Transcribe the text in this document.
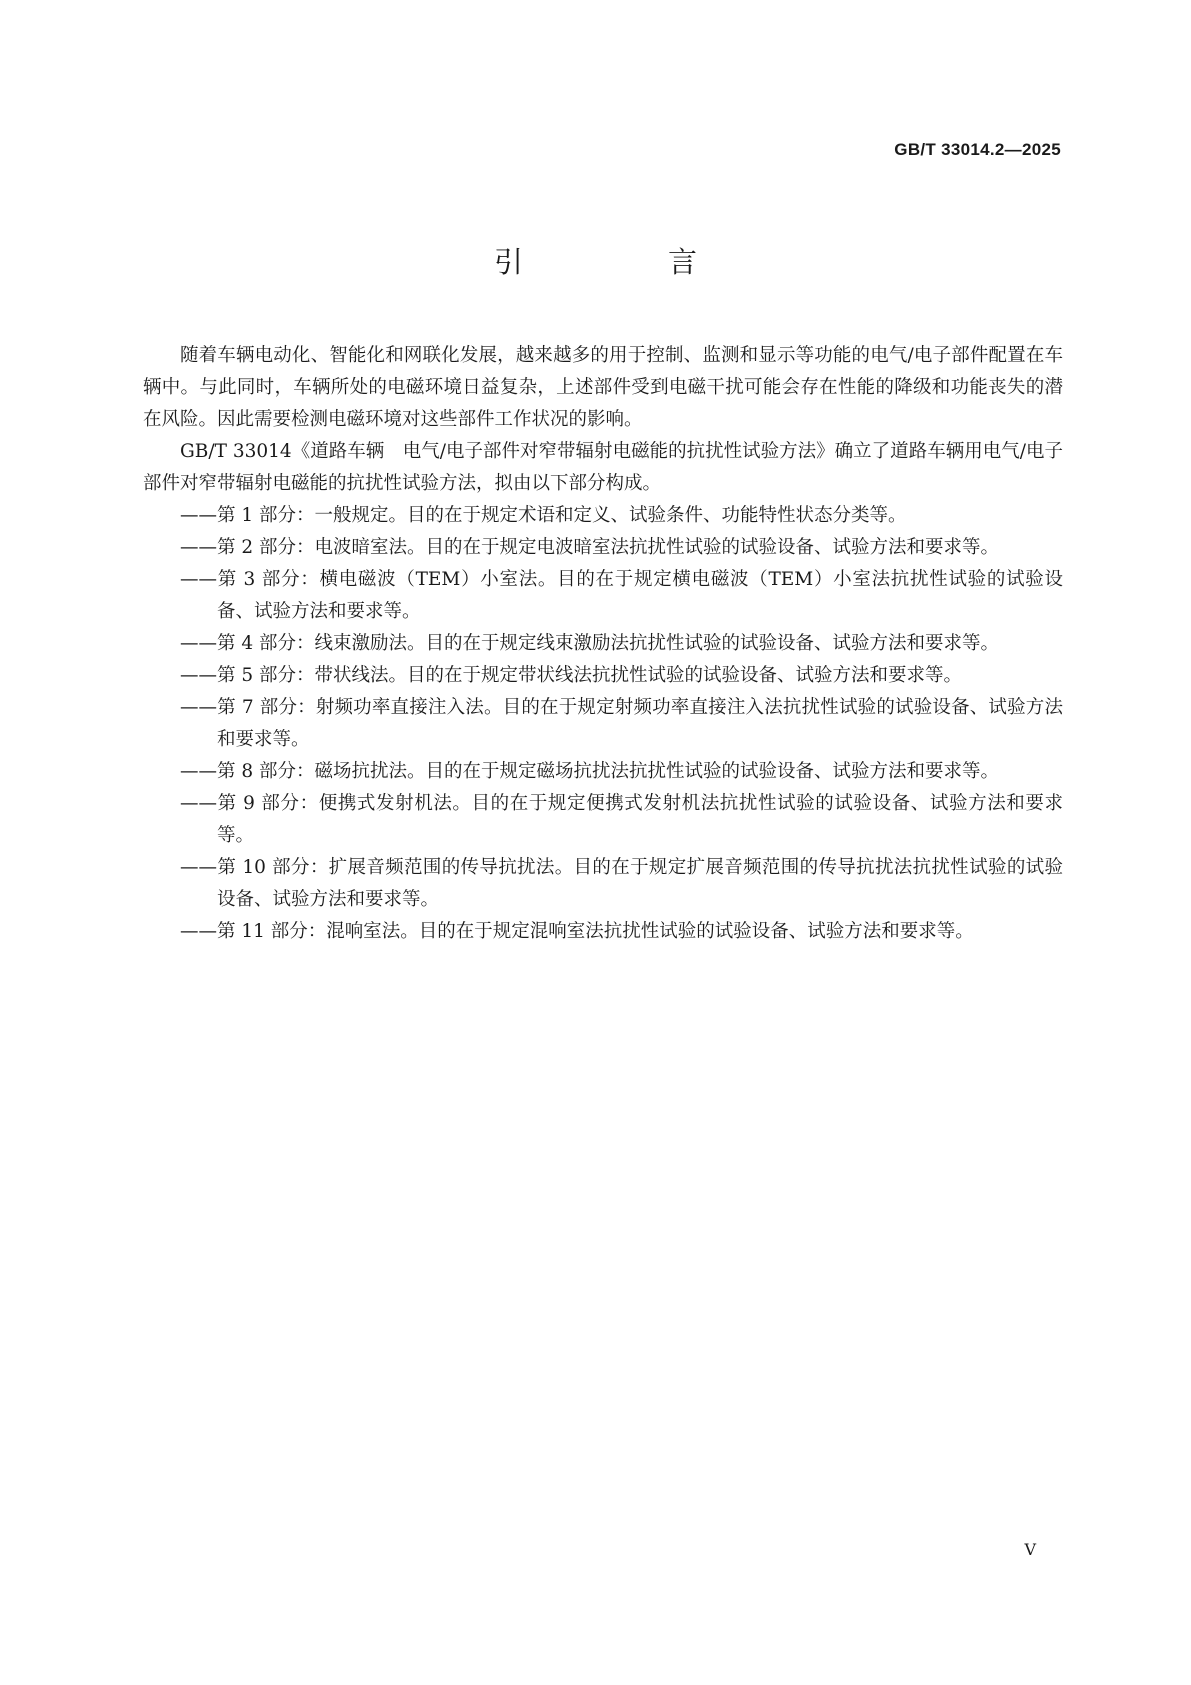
GB/T 33014.2—2025
引　言

随着车辆电动化、智能化和网联化发展，越来越多的用于控制、监测和显示等功能的电气/电子部件配置在车辆中。与此同时，车辆所处的电磁环境日益复杂，上述部件受到电磁干扰可能会存在性能的降级和功能丧失的潜在风险。因此需要检测电磁环境对这些部件工作状况的影响。

GB/T 33014《道路车辆　电气/电子部件对窄带辐射电磁能的抗扰性试验方法》确立了道路车辆用电气/电子部件对窄带辐射电磁能的抗扰性试验方法，拟由以下部分构成。

——第 1 部分：一般规定。目的在于规定术语和定义、试验条件、功能特性状态分类等。
——第 2 部分：电波暗室法。目的在于规定电波暗室法抗扰性试验的试验设备、试验方法和要求等。
——第 3 部分：横电磁波（TEM）小室法。目的在于规定横电磁波（TEM）小室法抗扰性试验的试验设备、试验方法和要求等。
——第 4 部分：线束激励法。目的在于规定线束激励法抗扰性试验的试验设备、试验方法和要求等。
——第 5 部分：带状线法。目的在于规定带状线法抗扰性试验的试验设备、试验方法和要求等。
——第 7 部分：射频功率直接注入法。目的在于规定射频功率直接注入法抗扰性试验的试验设备、试验方法和要求等。
——第 8 部分：磁场抗扰法。目的在于规定磁场抗扰法抗扰性试验的试验设备、试验方法和要求等。
——第 9 部分：便携式发射机法。目的在于规定便携式发射机法抗扰性试验的试验设备、试验方法和要求等。
——第 10 部分：扩展音频范围的传导抗扰法。目的在于规定扩展音频范围的传导抗扰法抗扰性试验的试验设备、试验方法和要求等。
——第 11 部分：混响室法。目的在于规定混响室法抗扰性试验的试验设备、试验方法和要求等。
V
